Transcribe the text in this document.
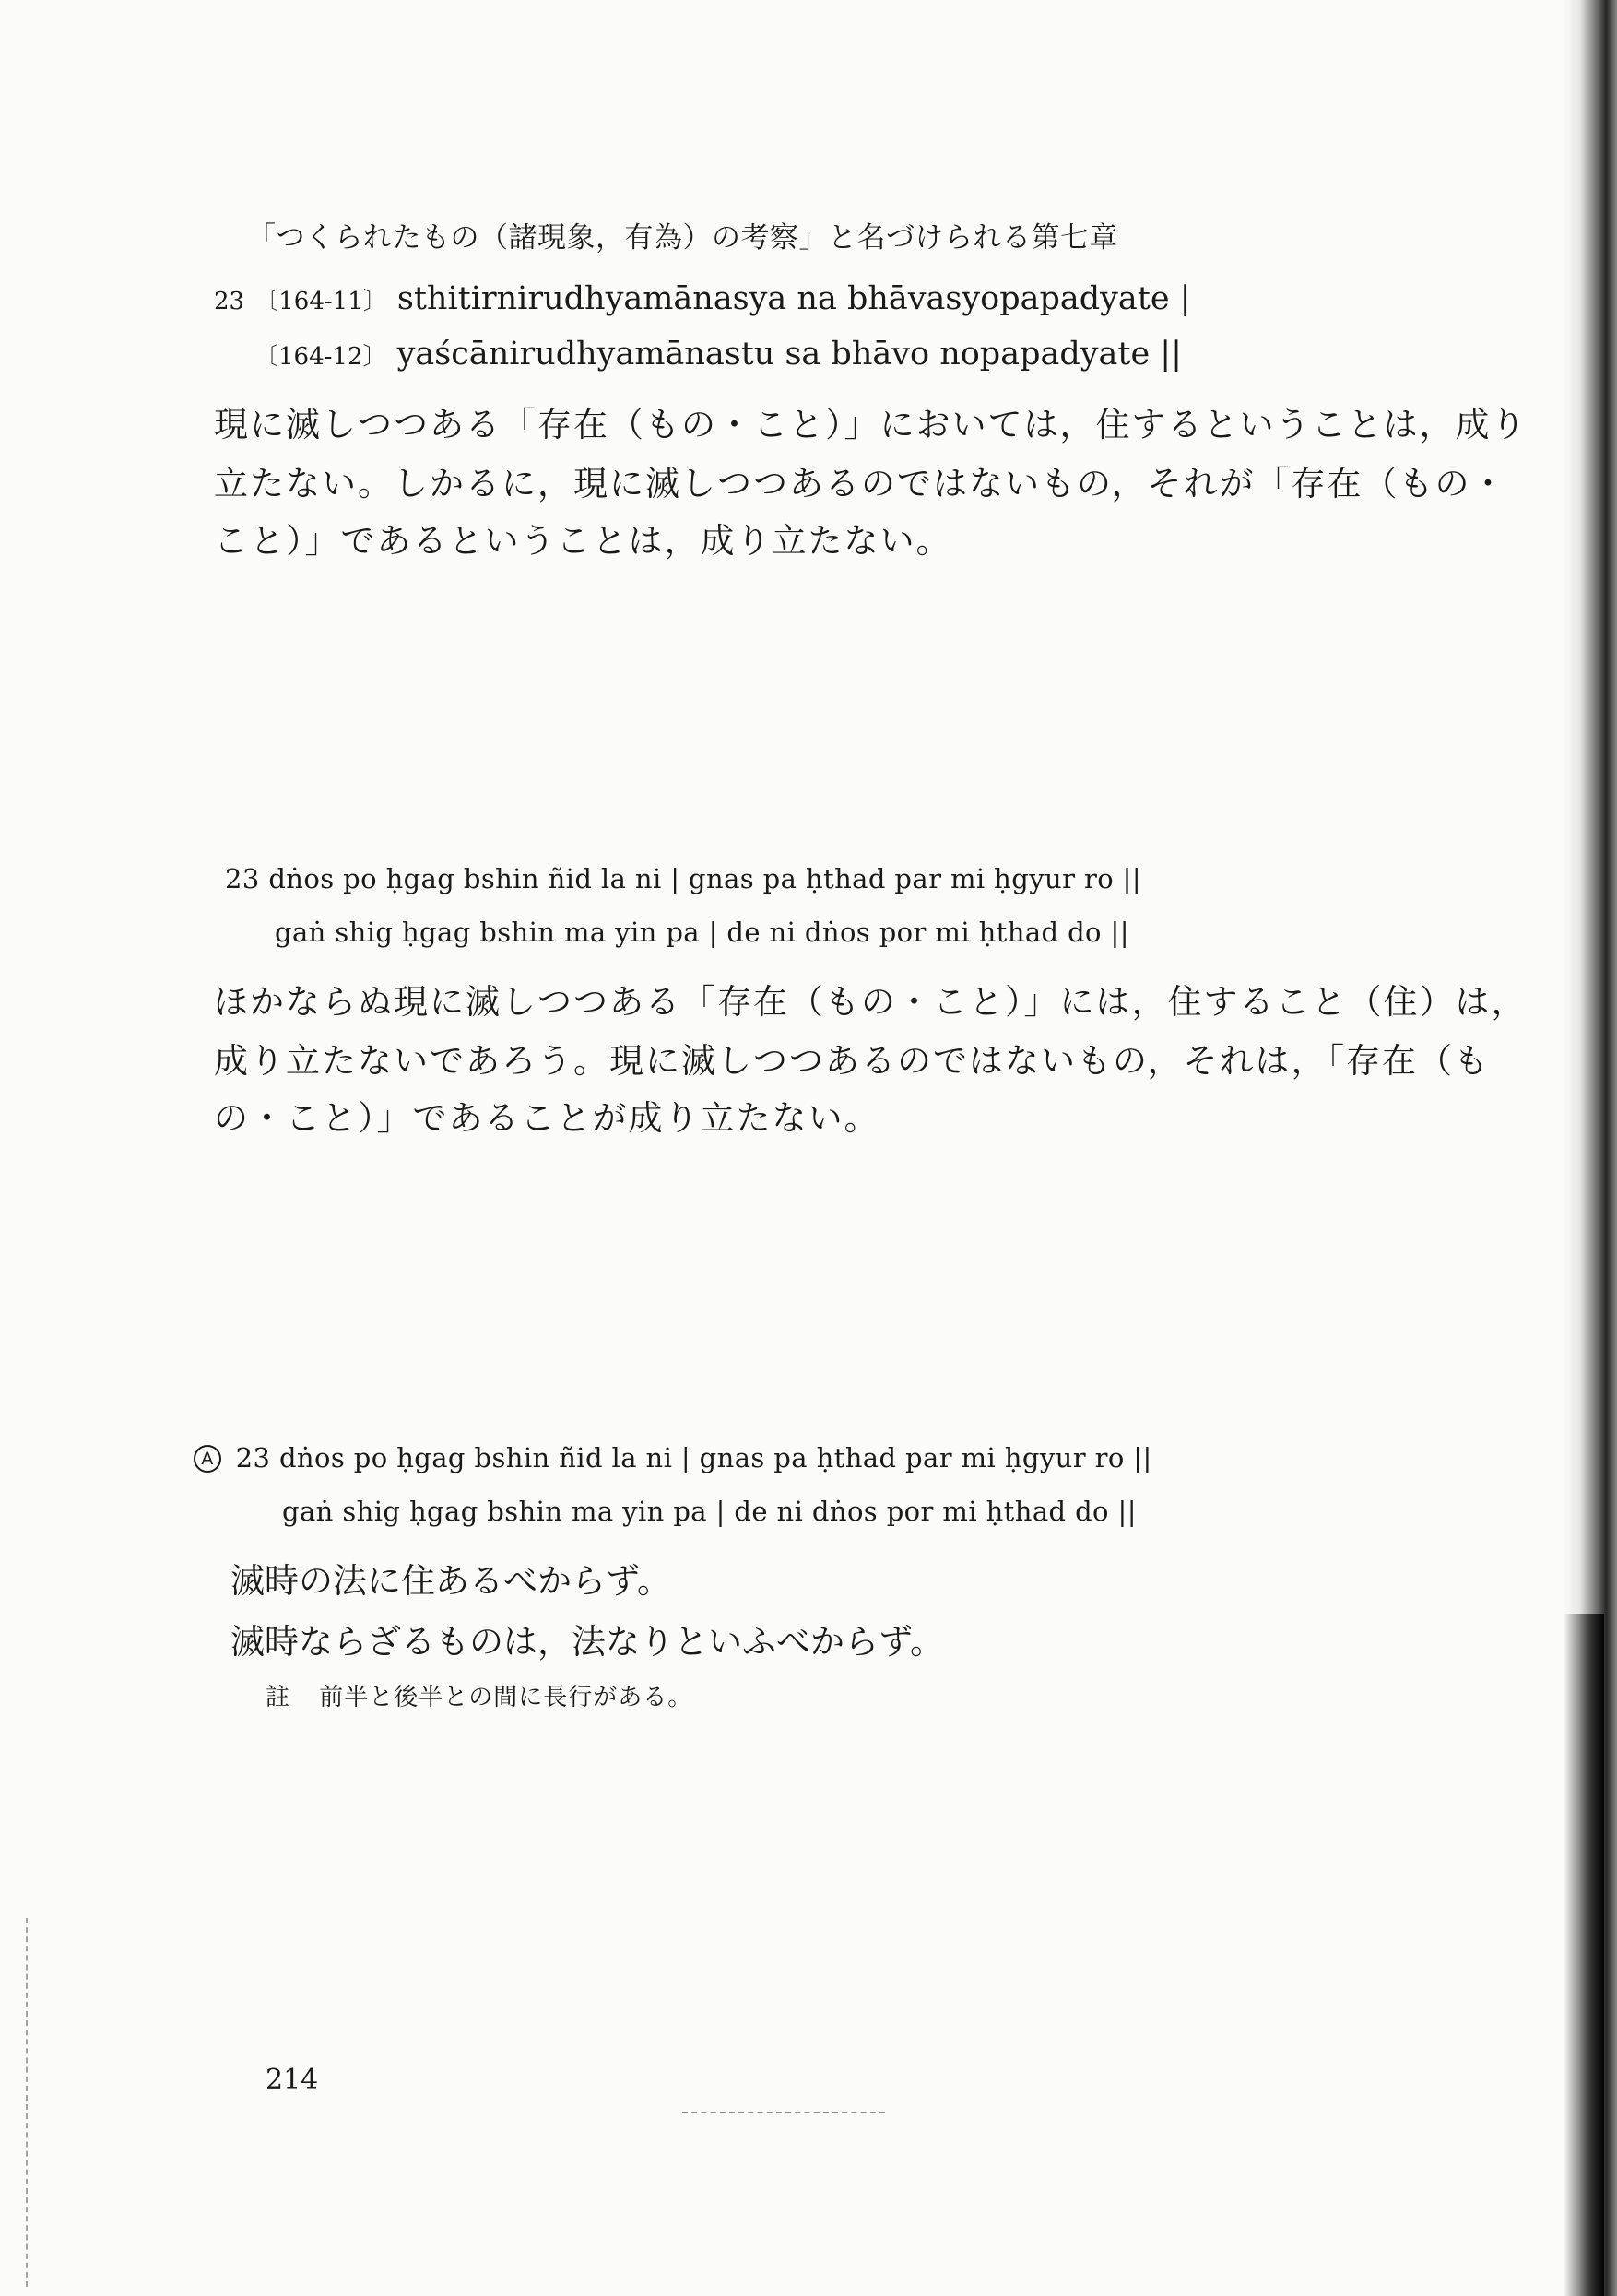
「つくられたもの（諸現象，有為）の考察」と名づけられる第七章
23 〔164-11〕 sthitirnirudhyamānasya na bhāvasyopapadyate |
〔164-12〕 yaścānirudhyamānastu sa bhāvo nopapadyate ||
現に滅しつつある「存在（もの・こと）」においては，住するということは，成り
立たない。しかるに，現に滅しつつあるのではないもの，それが「存在（もの・
こと）」であるということは，成り立たない。
23 dṅos po ḥgag bshin ñid la ni | gnas pa ḥthad par mi ḥgyur ro ||
gaṅ shig ḥgag bshin ma yin pa | de ni dṅos por mi ḥthad do ||
ほかならぬ現に滅しつつある「存在（もの・こと）」には，住すること（住）は，
成り立たないであろう。現に滅しつつあるのではないもの，それは，「存在（も
の・こと）」であることが成り立たない。
A 23 dṅos po ḥgag bshin ñid la ni | gnas pa ḥthad par mi ḥgyur ro ||
gaṅ shig ḥgag bshin ma yin pa | de ni dṅos por mi ḥthad do ||
滅時の法に住あるべからず。
滅時ならざるものは，法なりといふべからず。
註 前半と後半との間に長行がある。
214
